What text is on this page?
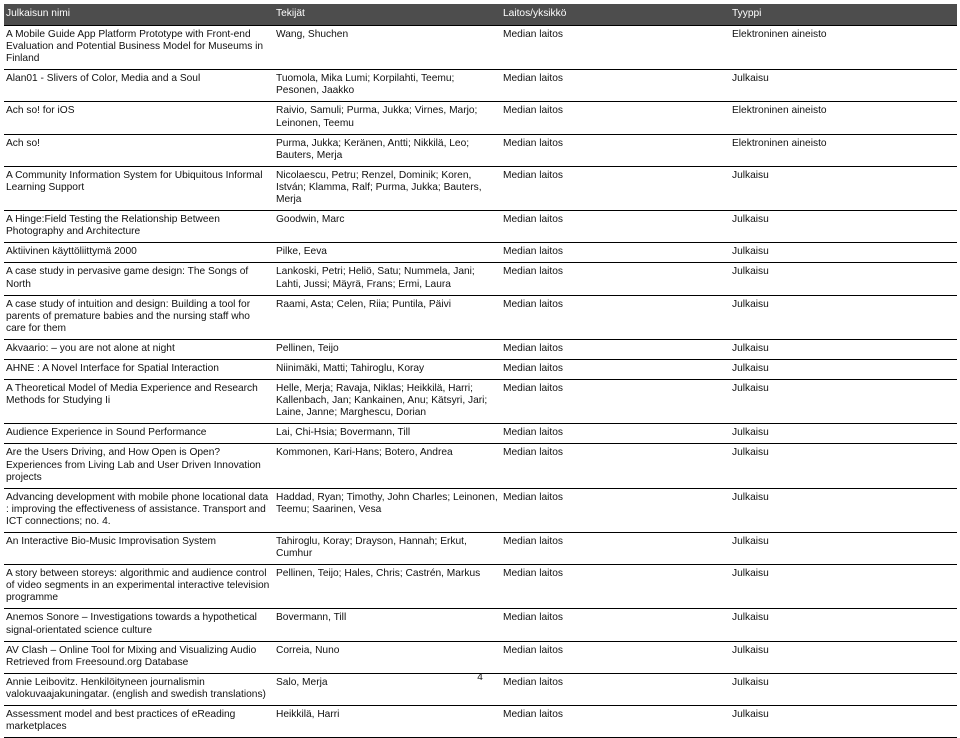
Julkaisun nimi	Tekijät	Laitos/yksikkö	Tyyppi
A Mobile Guide App Platform Prototype with Front-end Evaluation and Potential Business Model for Museums in Finland	Wang, Shuchen	Median laitos	Elektroninen aineisto
Alan01 - Slivers of Color, Media and a Soul	Tuomola, Mika Lumi; Korpilahti, Teemu; Pesonen, Jaakko	Median laitos	Julkaisu
Ach so! for iOS	Raivio, Samuli; Purma, Jukka; Virnes, Marjo; Leinonen, Teemu	Median laitos	Elektroninen aineisto
Ach so!	Purma, Jukka; Keränen, Antti; Nikkilä, Leo; Bauters, Merja	Median laitos	Elektroninen aineisto
A Community Information System for Ubiquitous Informal Learning Support	Nicolaescu, Petru; Renzel, Dominik; Koren, István; Klamma, Ralf; Purma, Jukka; Bauters, Merja	Median laitos	Julkaisu
A Hinge:Field Testing the Relationship Between Photography and Architecture	Goodwin, Marc	Median laitos	Julkaisu
Aktiivinen käyttöliittymä 2000	Pilke, Eeva	Median laitos	Julkaisu
A case study in pervasive game design: The Songs of North	Lankoski, Petri; Heliö, Satu; Nummela, Jani; Lahti, Jussi; Mäyrä, Frans; Ermi, Laura	Median laitos	Julkaisu
A case study of intuition and design: Building a tool for parents of premature babies and the nursing staff who care for them	Raami, Asta; Celen, Riia; Puntila, Päivi	Median laitos	Julkaisu
Akvaario: – you are not alone at night	Pellinen, Teijo	Median laitos	Julkaisu
AHNE : A Novel Interface for Spatial Interaction	Niinimäki, Matti; Tahiroglu, Koray	Median laitos	Julkaisu
A Theoretical Model of Media Experience and Research Methods for Studying Ii	Helle, Merja; Ravaja, Niklas; Heikkilä, Harri; Kallenbach, Jan; Kankainen, Anu; Kätsyri, Jari; Laine, Janne; Marghescu, Dorian	Median laitos	Julkaisu
Audience Experience in Sound Performance	Lai, Chi-Hsia; Bovermann, Till	Median laitos	Julkaisu
Are the Users Driving, and How Open is Open? Experiences from Living Lab and User Driven Innovation projects	Kommonen, Kari-Hans; Botero, Andrea	Median laitos	Julkaisu
Advancing development with mobile phone locational data : improving the effectiveness of assistance. Transport and ICT connections; no. 4.	Haddad, Ryan; Timothy, John Charles; Leinonen, Teemu; Saarinen, Vesa	Median laitos	Julkaisu
An Interactive Bio-Music Improvisation System	Tahiroglu, Koray; Drayson, Hannah; Erkut, Cumhur	Median laitos	Julkaisu
A story between storeys: algorithmic and audience control of video segments in an experimental interactive television programme	Pellinen, Teijo; Hales, Chris; Castrén, Markus	Median laitos	Julkaisu
Anemos Sonore – Investigations towards a hypothetical signal-orientated science culture	Bovermann, Till	Median laitos	Julkaisu
AV Clash – Online Tool for Mixing and Visualizing Audio Retrieved from Freesound.org Database	Correia, Nuno	Median laitos	Julkaisu
Annie Leibovitz. Henkilöityneen journalismin valokuvaajakuningatar. (english and swedish translations)	Salo, Merja	Median laitos	Julkaisu
Assessment model and best practices of eReading marketplaces	Heikkilä, Harri	Median laitos	Julkaisu
4
